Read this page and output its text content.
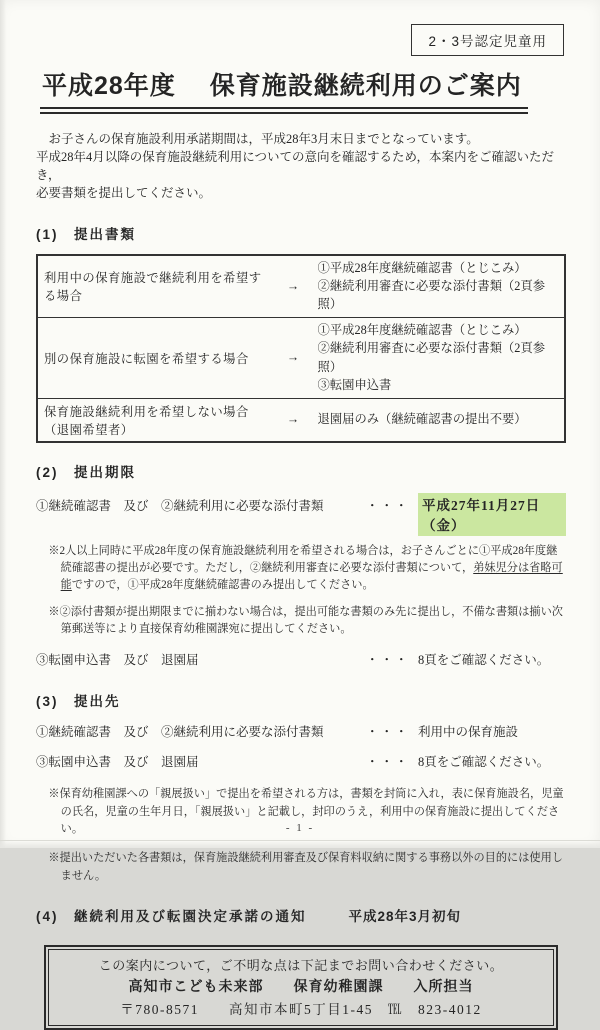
2・3号認定児童用
平成28年度　 保育施設継続利用のご案内
　お子さんの保育施設利用承諾期間は，平成28年3月末日までとなっています。
平成28年4月以降の保育施設継続利用についての意向を確認するため，本案内をご確認いただき，
必要書類を提出してください。
(1)　提出書類
利用中の保育施設で継続利用を希望する場合	→	①平成28年度継続確認書（とじこみ）
②継続利用審査に必要な添付書類（2頁参照）

別の保育施設に転園を希望する場合	→	①平成28年度継続確認書（とじこみ）
②継続利用審査に必要な添付書類（2頁参照）
③転園申込書

保育施設継続利用を希望しない場合（退園希望者）	→	退園届のみ（継続確認書の提出不要）
(2)　提出期限
①継続確認書　及び　②継続利用に必要な添付書類	・・・ 平成27年11月27日（金）

※2人以上同時に平成28年度の保育施設継続利用を希望される場合は，お子さんごとに①平成28年度継続確認書の提出が必要です。ただし，②継続利用審査に必要な添付書類について，弟妹児分は省略可能ですので，①平成28年度継続確認書のみ提出してください。

※②添付書類が提出期限までに揃わない場合は，提出可能な書類のみ先に提出し，不備な書類は揃い次第郵送等により直接保育幼稚園課宛に提出してください。

③転園申込書　及び　退園届	・・・ 8頁をご確認ください。
(3)　提出先
①継続確認書　及び　②継続利用に必要な添付書類	・・・ 利用中の保育施設
③転園申込書　及び　退園届	・・・ 8頁をご確認ください。

※保育幼稚園課への「親展扱い」で提出を希望される方は，書類を封筒に入れ，表に保育施設名，児童の氏名，児童の生年月日，「親展扱い」と記載し，封印のうえ，利用中の保育施設に提出してください。

※提出いただいた各書類は，保育施設継続利用審査及び保育料収納に関する事務以外の目的には使用しません。

(4)　継続利用及び転園決定承諾の通知	平成28年3月初旬
この案内について，ご不明な点は下記までお問い合わせください。
高知市こども未来部　　保育幼稚園課　　入所担当
〒780-8571　　高知市本町5丁目1-45　℡　823-4012
- 1 -
